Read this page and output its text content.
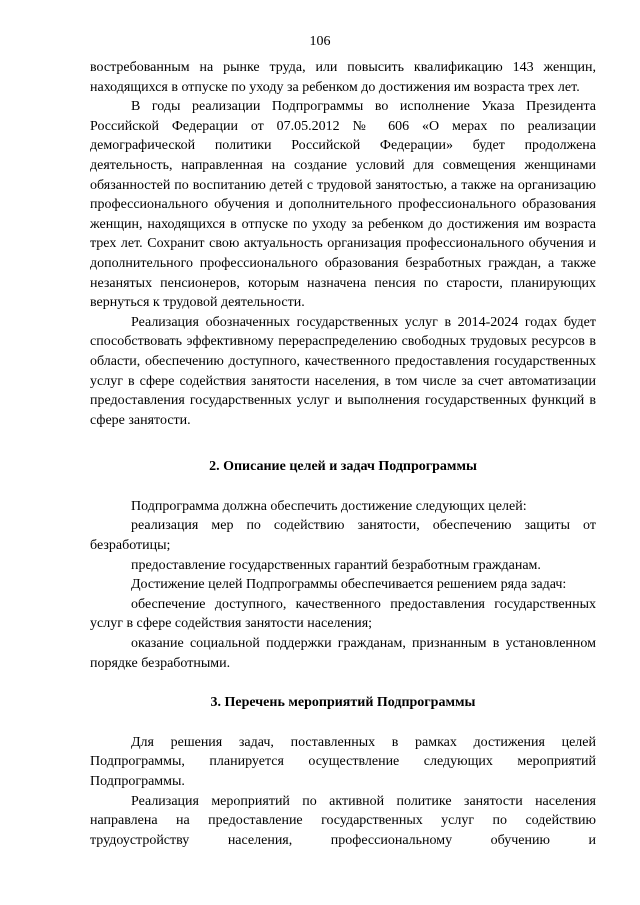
106

востребованным на рынке труда, или повысить квалификацию 143 женщин, находящихся в отпуске по уходу за ребенком до достижения им возраста трех лет.

В годы реализации Подпрограммы во исполнение Указа Президента Российской Федерации от 07.05.2012 № 606 «О мерах по реализации демографической политики Российской Федерации» будет продолжена деятельность, направленная на создание условий для совмещения женщинами обязанностей по воспитанию детей с трудовой занятостью, а также на организацию профессионального обучения и дополнительного профессионального образования женщин, находящихся в отпуске по уходу за ребенком до достижения им возраста трех лет. Сохранит свою актуальность организация профессионального обучения и дополнительного профессионального образования безработных граждан, а также незанятых пенсионеров, которым назначена пенсия по старости, планирующих вернуться к трудовой деятельности.

Реализация обозначенных государственных услуг в 2014-2024 годах будет способствовать эффективному перераспределению свободных трудовых ресурсов в области, обеспечению доступного, качественного предоставления государственных услуг в сфере содействия занятости населения, в том числе за счет автоматизации предоставления государственных услуг и выполнения государственных функций в сфере занятости.

2. Описание целей и задач Подпрограммы

Подпрограмма должна обеспечить достижение следующих целей:

реализация мер по содействию занятости, обеспечению защиты от безработицы;

предоставление государственных гарантий безработным гражданам.

Достижение целей Подпрограммы обеспечивается решением ряда задач:

обеспечение доступного, качественного предоставления государственных услуг в сфере содействия занятости населения;

оказание социальной поддержки гражданам, признанным в установленном порядке безработными.

3. Перечень мероприятий Подпрограммы

Для решения задач, поставленных в рамках достижения целей Подпрограммы, планируется осуществление следующих мероприятий Подпрограммы.

Реализация мероприятий по активной политике занятости населения направлена на предоставление государственных услуг по содействию трудоустройству населения, профессиональному обучению и
